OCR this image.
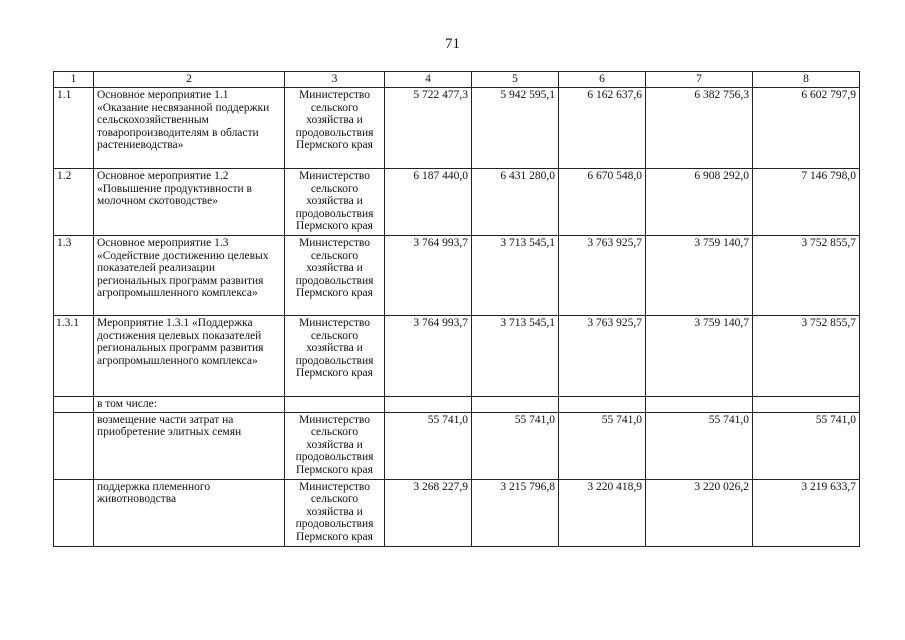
71
1	2	3	4	5	6	7	8
1.1	Основное мероприятие 1.1 «Оказание несвязанной поддержки сельскохозяйственным товаропроизводителям в области растениеводства»	Министерство сельского хозяйства и продовольствия Пермского края	5 722 477,3	5 942 595,1	6 162 637,6	6 382 756,3	6 602 797,9
1.2	Основное мероприятие 1.2 «Повышение продуктивности в молочном скотоводстве»	Министерство сельского хозяйства и продовольствия Пермского края	6 187 440,0	6 431 280,0	6 670 548,0	6 908 292,0	7 146 798,0
1.3	Основное мероприятие 1.3 «Содействие достижению целевых показателей реализации региональных программ развития агропромышленного комплекса»	Министерство сельского хозяйства и продовольствия Пермского края	3 764 993,7	3 713 545,1	3 763 925,7	3 759 140,7	3 752 855,7
1.3.1	Мероприятие 1.3.1 «Поддержка достижения целевых показателей региональных программ развития агропромышленного комплекса»	Министерство сельского хозяйства и продовольствия Пермского края	3 764 993,7	3 713 545,1	3 763 925,7	3 759 140,7	3 752 855,7
	в том числе:						
	возмещение части затрат на приобретение элитных семян	Министерство сельского хозяйства и продовольствия Пермского края	55 741,0	55 741,0	55 741,0	55 741,0	55 741,0
	поддержка племенного животноводства	Министерство сельского хозяйства и продовольствия Пермского края	3 268 227,9	3 215 796,8	3 220 418,9	3 220 026,2	3 219 633,7
